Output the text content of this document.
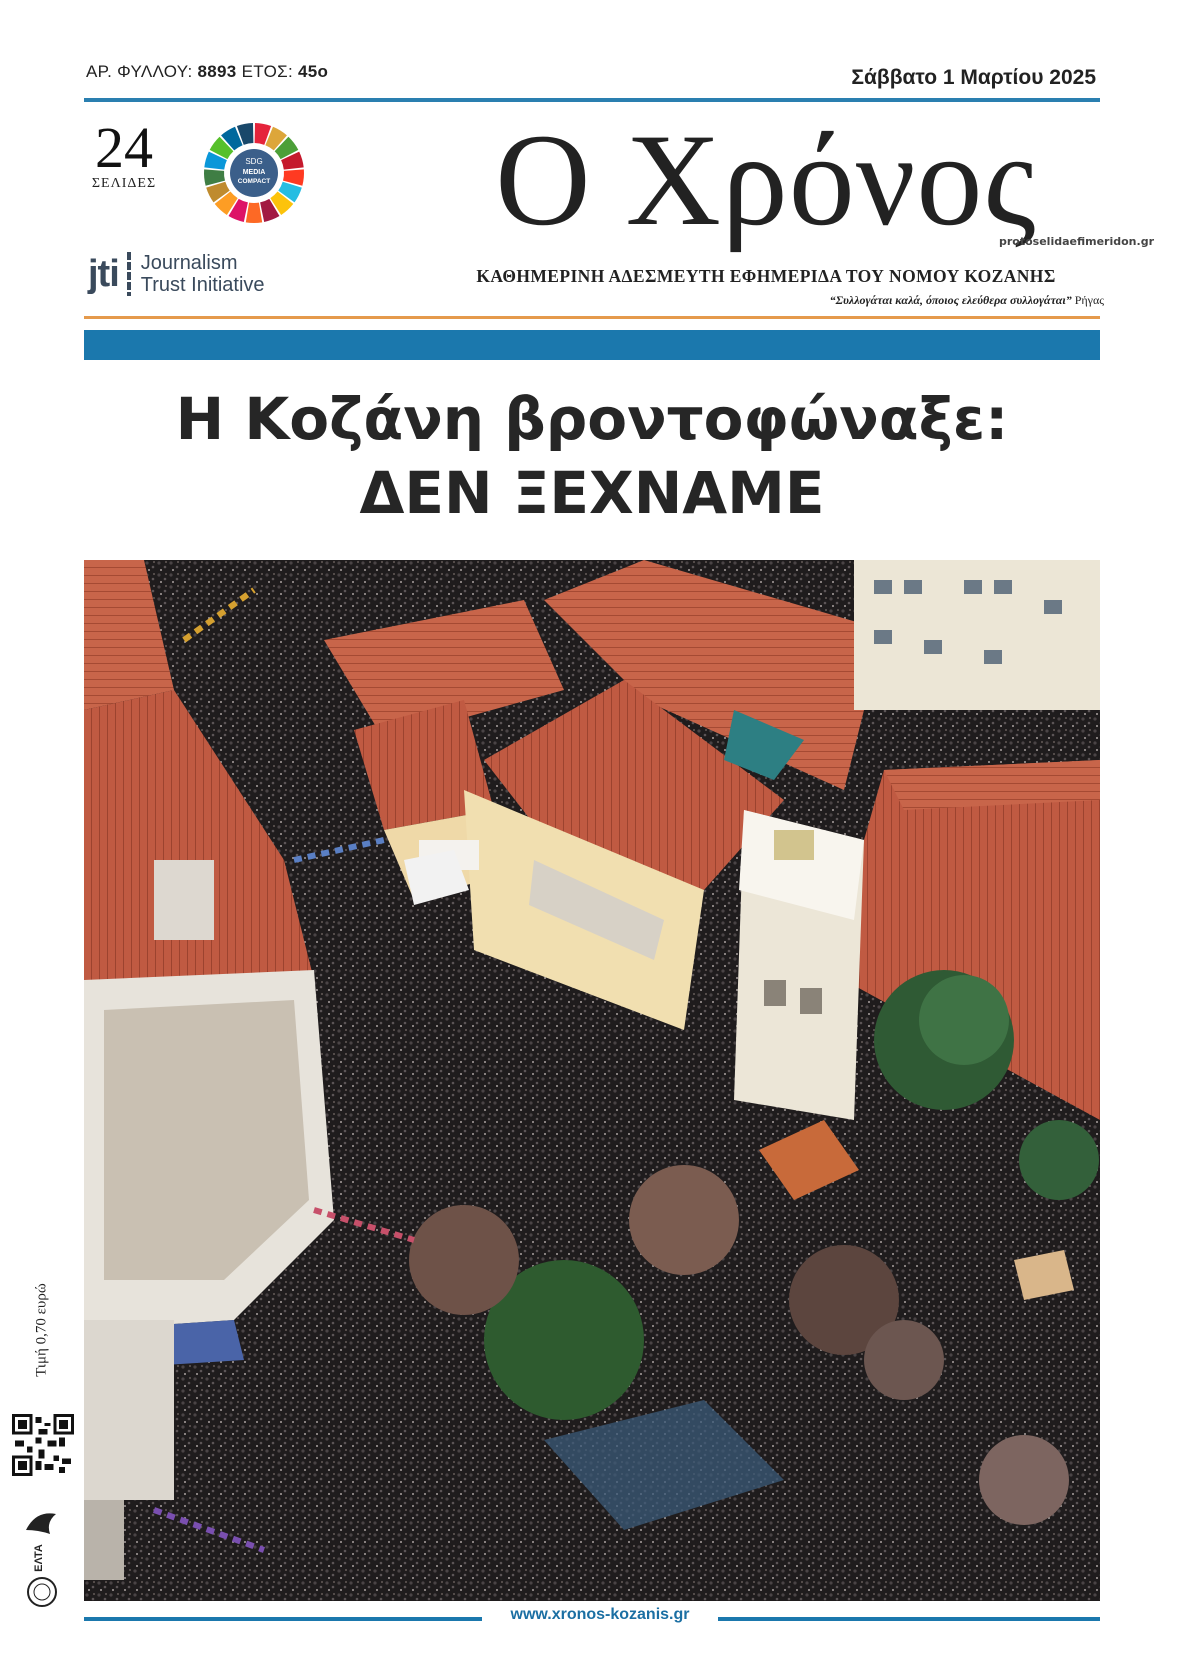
ΑΡ. ΦΥΛΛΟΥ: 8893 ΕΤΟΣ: 45ο	Σάββατο 1 Μαρτίου 2025
24
ΣΕΛΙΔΕΣ
SDG
MEDIA
COMPACT
jti Journalism
Trust Initiative
Ο Χρόνος
protoselidaefimeridon.gr
ΚΑΘΗΜΕΡΙΝΗ ΑΔΕΣΜΕΥΤΗ ΕΦΗΜΕΡΙΔΑ ΤΟΥ ΝΟΜΟΥ ΚΟΖΑΝΗΣ
“Συλλογάται καλά, όποιος ελεύθερα συλλογάται” Ρήγας
Η Κοζάνη βροντοφώναξε:
ΔΕΝ ΞΕΧΝΑΜΕ
Τιμή 0,70 ευρώ
ΕΛΤΑ
www.xronos-kozanis.gr
